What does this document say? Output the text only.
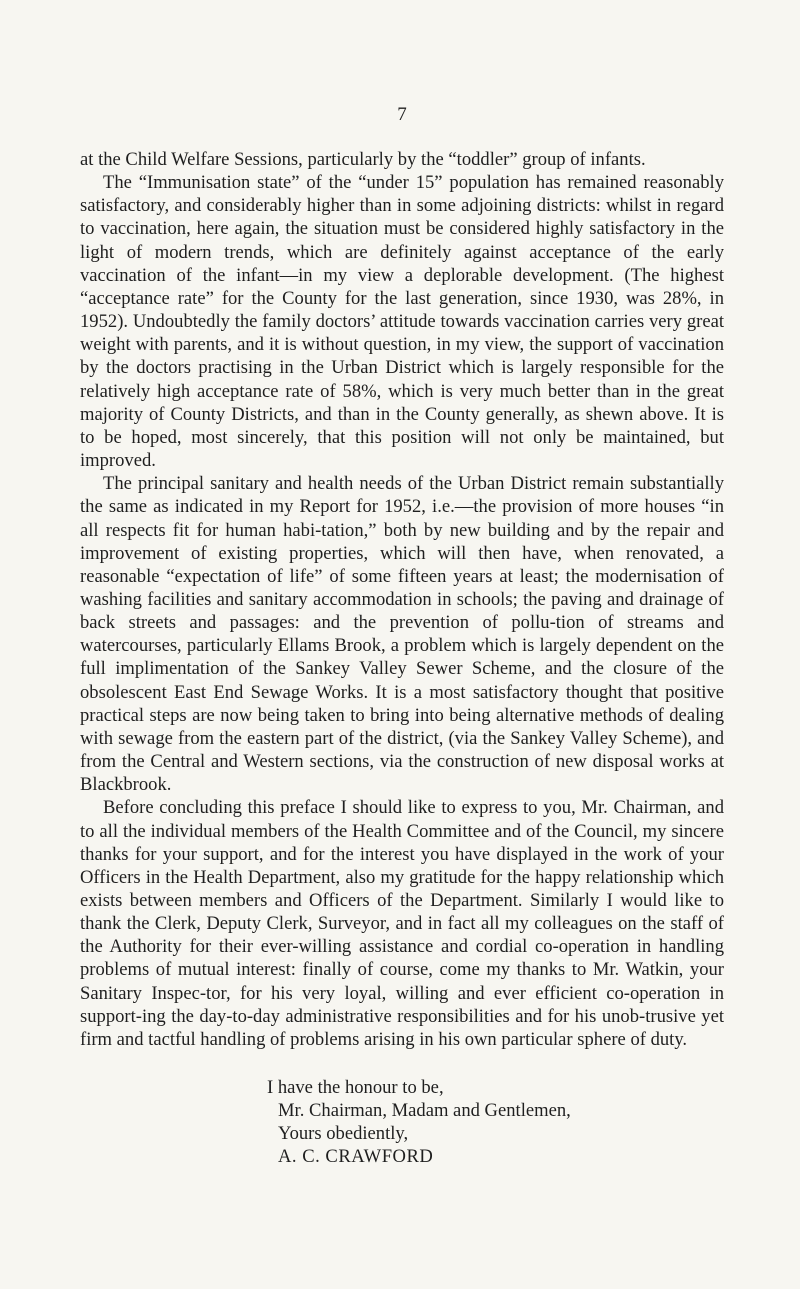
7

at the Child Welfare Sessions, particularly by the “toddler” group of infants.

The “Immunisation state” of the “under 15” population has remained reasonably satisfactory, and considerably higher than in some adjoining districts: whilst in regard to vaccination, here again, the situation must be considered highly satisfactory in the light of modern trends, which are definitely against acceptance of the early vaccination of the infant—in my view a deplorable development. (The highest “acceptance rate” for the County for the last generation, since 1930, was 28%, in 1952). Undoubtedly the family doctors’ attitude towards vaccination carries very great weight with parents, and it is without question, in my view, the support of vaccination by the doctors practising in the Urban District which is largely responsible for the relatively high acceptance rate of 58%, which is very much better than in the great majority of County Districts, and than in the County generally, as shewn above. It is to be hoped, most sincerely, that this position will not only be maintained, but improved.

The principal sanitary and health needs of the Urban District remain substantially the same as indicated in my Report for 1952, i.e.—the provision of more houses “in all respects fit for human habi-tation,” both by new building and by the repair and improvement of existing properties, which will then have, when renovated, a reasonable “expectation of life” of some fifteen years at least; the modernisation of washing facilities and sanitary accommodation in schools; the paving and drainage of back streets and passages: and the prevention of pollu-tion of streams and watercourses, particularly Ellams Brook, a problem which is largely dependent on the full implimentation of the Sankey Valley Sewer Scheme, and the closure of the obsolescent East End Sewage Works. It is a most satisfactory thought that positive practical steps are now being taken to bring into being alternative methods of dealing with sewage from the eastern part of the district, (via the Sankey Valley Scheme), and from the Central and Western sections, via the construction of new disposal works at Blackbrook.

Before concluding this preface I should like to express to you, Mr. Chairman, and to all the individual members of the Health Committee and of the Council, my sincere thanks for your support, and for the interest you have displayed in the work of your Officers in the Health Department, also my gratitude for the happy relationship which exists between members and Officers of the Department. Similarly I would like to thank the Clerk, Deputy Clerk, Surveyor, and in fact all my colleagues on the staff of the Authority for their ever-willing assistance and cordial co-operation in handling problems of mutual interest: finally of course, come my thanks to Mr. Watkin, your Sanitary Inspec-tor, for his very loyal, willing and ever efficient co-operation in support-ing the day-to-day administrative responsibilities and for his unob-trusive yet firm and tactful handling of problems arising in his own particular sphere of duty.

I have the honour to be,
Mr. Chairman, Madam and Gentlemen,
Yours obediently,
A. C. CRAWFORD
